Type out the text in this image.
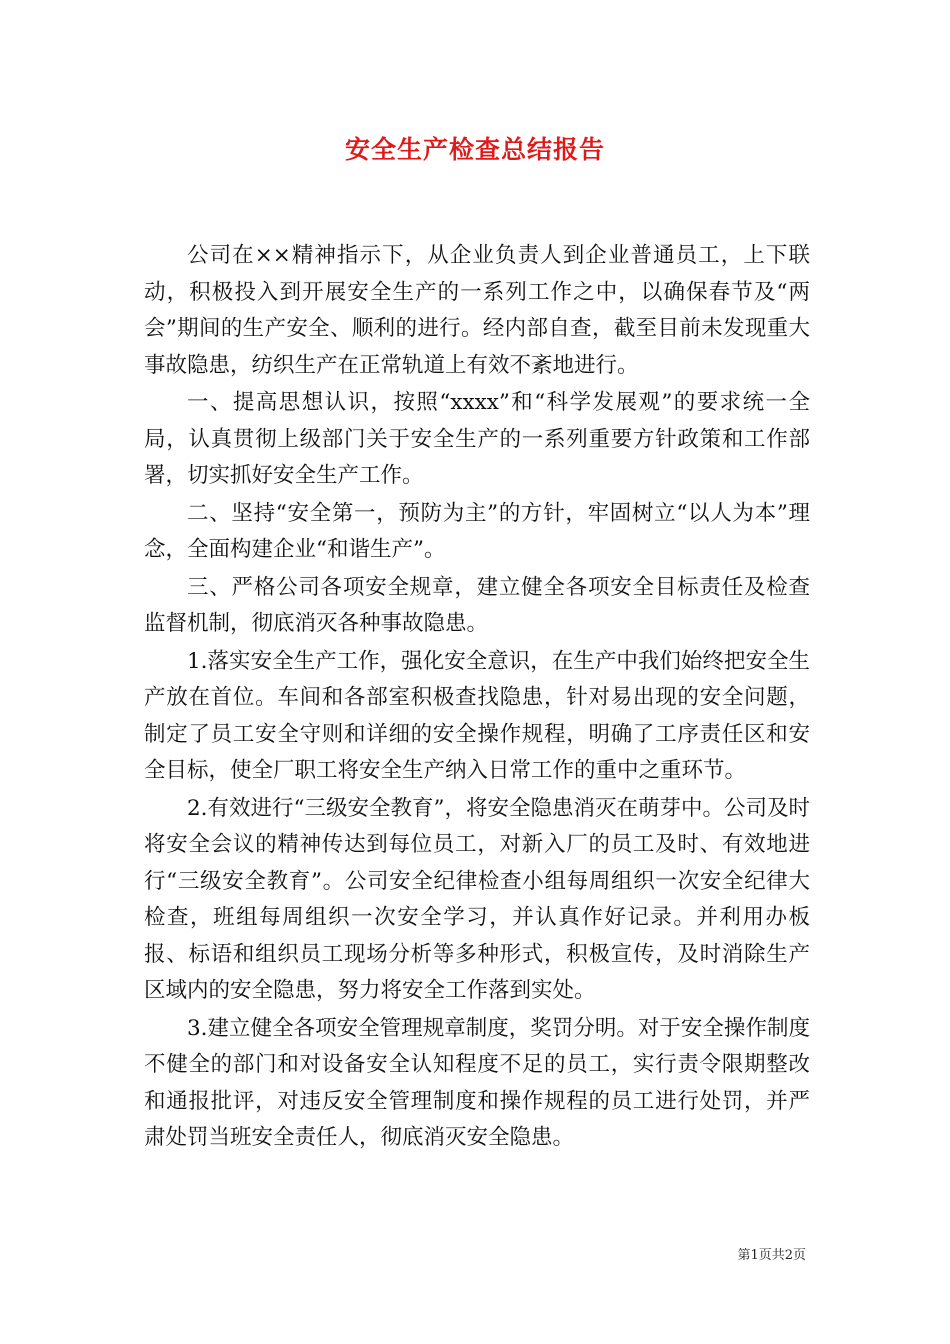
安全生产检查总结报告

公司在××精神指示下，从企业负责人到企业普通员工，上下联动，积极投入到开展安全生产的一系列工作之中，以确保春节及“两会”期间的生产安全、顺利的进行。经内部自查，截至目前未发现重大事故隐患，纺织生产在正常轨道上有效不紊地进行。

一、提高思想认识，按照“xxxx”和“科学发展观”的要求统一全局，认真贯彻上级部门关于安全生产的一系列重要方针政策和工作部署，切实抓好安全生产工作。

二、坚持“安全第一，预防为主”的方针，牢固树立“以人为本”理念，全面构建企业“和谐生产”。

三、严格公司各项安全规章，建立健全各项安全目标责任及检查监督机制，彻底消灭各种事故隐患。

1.落实安全生产工作，强化安全意识，在生产中我们始终把安全生产放在首位。车间和各部室积极查找隐患，针对易出现的安全问题，制定了员工安全守则和详细的安全操作规程，明确了工序责任区和安全目标，使全厂职工将安全生产纳入日常工作的重中之重环节。

2.有效进行“三级安全教育”，将安全隐患消灭在萌芽中。公司及时将安全会议的精神传达到每位员工，对新入厂的员工及时、有效地进行“三级安全教育”。公司安全纪律检查小组每周组织一次安全纪律大检查，班组每周组织一次安全学习，并认真作好记录。并利用办板报、标语和组织员工现场分析等多种形式，积极宣传，及时消除生产区域内的安全隐患，努力将安全工作落到实处。

3.建立健全各项安全管理规章制度，奖罚分明。对于安全操作制度不健全的部门和对设备安全认知程度不足的员工，实行责令限期整改和通报批评，对违反安全管理制度和操作规程的员工进行处罚，并严肃处罚当班安全责任人，彻底消灭安全隐患。

第1页共2页
